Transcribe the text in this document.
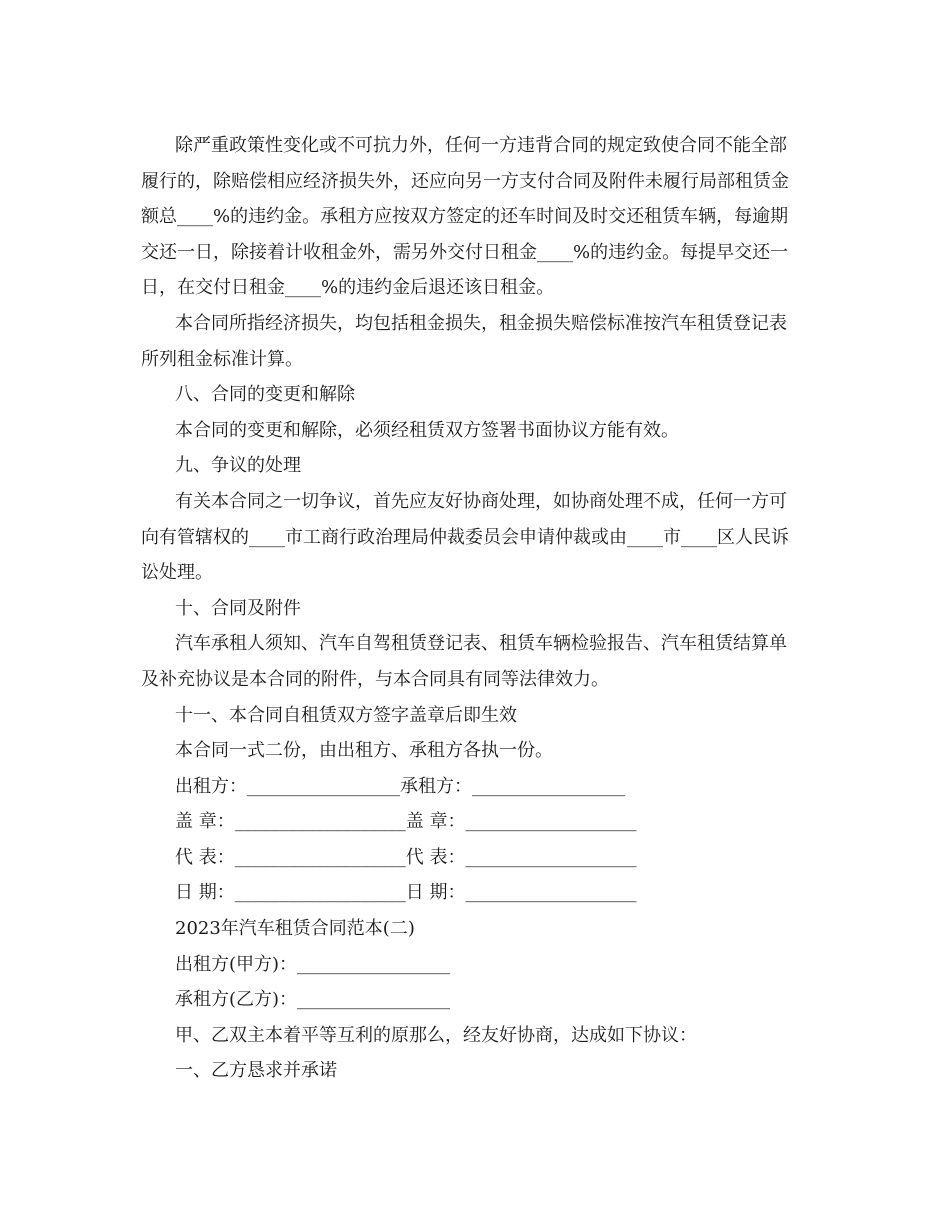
除严重政策性变化或不可抗力外，任何一方违背合同的规定致使合同不能全部
履行的，除赔偿相应经济损失外，还应向另一方支付合同及附件未履行局部租赁金
额总____%的违约金。承租方应按双方签定的还车时间及时交还租赁车辆，每逾期
交还一日，除接着计收租金外，需另外交付日租金____%的违约金。每提早交还一
日，在交付日租金____%的违约金后退还该日租金。
本合同所指经济损失，均包括租金损失，租金损失赔偿标准按汽车租赁登记表
所列租金标准计算。
八、合同的变更和解除
本合同的变更和解除，必须经租赁双方签署书面协议方能有效。
九、争议的处理
有关本合同之一切争议，首先应友好协商处理，如协商处理不成，任何一方可
向有管辖权的____市工商行政治理局仲裁委员会申请仲裁或由____市____区人民诉
讼处理。
十、合同及附件
汽车承租人须知、汽车自驾租赁登记表、租赁车辆检验报告、汽车租赁结算单
及补充协议是本合同的附件，与本合同具有同等法律效力。
十一、本合同自租赁双方签字盖章后即生效
本合同一式二份，由出租方、承租方各执一份。
出租方：_________________承租方：_________________
盖 章：___________________盖 章：___________________
代 表：___________________代 表：___________________
日 期：___________________日 期：___________________
2023年汽车租赁合同范本(二)
出租方(甲方)：_________________
承租方(乙方)：_________________
甲、乙双主本着平等互利的原那么，经友好协商，达成如下协议：
一、乙方恳求并承诺
